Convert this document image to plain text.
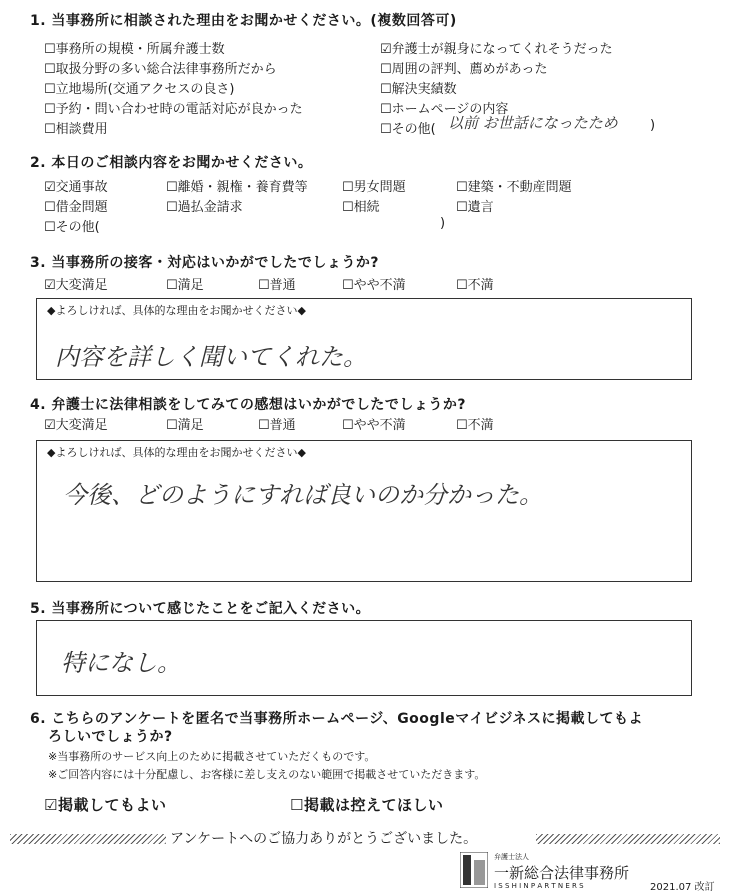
1. 当事務所に相談された理由をお聞かせください。(複数回答可)
☐事務所の規模・所属弁護士数	☑弁護士が親身になってくれそうだった
☐取扱分野の多い総合法律事務所だから	☐周囲の評判、薦めがあった
☐立地場所(交通アクセスの良さ)	☐解決実績数
☐予約・問い合わせ時の電話対応が良かった	☐ホームページの内容
☐相談費用	☐その他( 以前 お世話になったため )
2. 本日のご相談内容をお聞かせください。
☑交通事故	☐離婚・親権・養育費等	☐男女問題	☐建築・不動産問題
☐借金問題	☐過払金請求	☐相続	☐遺言
☐その他(	)
3. 当事務所の接客・対応はいかがでしたでしょうか?
☑大変満足	☐満足	☐普通	☐やや不満	☐不満
◆よろしければ、具体的な理由をお聞かせください◆
内容を詳しく聞いてくれた。
4. 弁護士に法律相談をしてみての感想はいかがでしたでしょうか?
☑大変満足	☐満足	☐普通	☐やや不満	☐不満
◆よろしければ、具体的な理由をお聞かせください◆
今後、どのようにすれば良いのか分かった。
5. 当事務所について感じたことをご記入ください。
特になし。
6. こちらのアンケートを匿名で当事務所ホームページ、Googleマイビジネスに掲載してもよ
ろしいでしょうか?
※当事務所のサービス向上のために掲載させていただくものです。
※ご回答内容には十分配慮し、お客様に差し支えのない範囲で掲載させていただきます。
☑掲載してもよい	☐掲載は控えてほしい
アンケートへのご協力ありがとうございました。
弁護士法人
一新総合法律事務所
I S S H I N P A R T N E R S	2021.07 改訂
